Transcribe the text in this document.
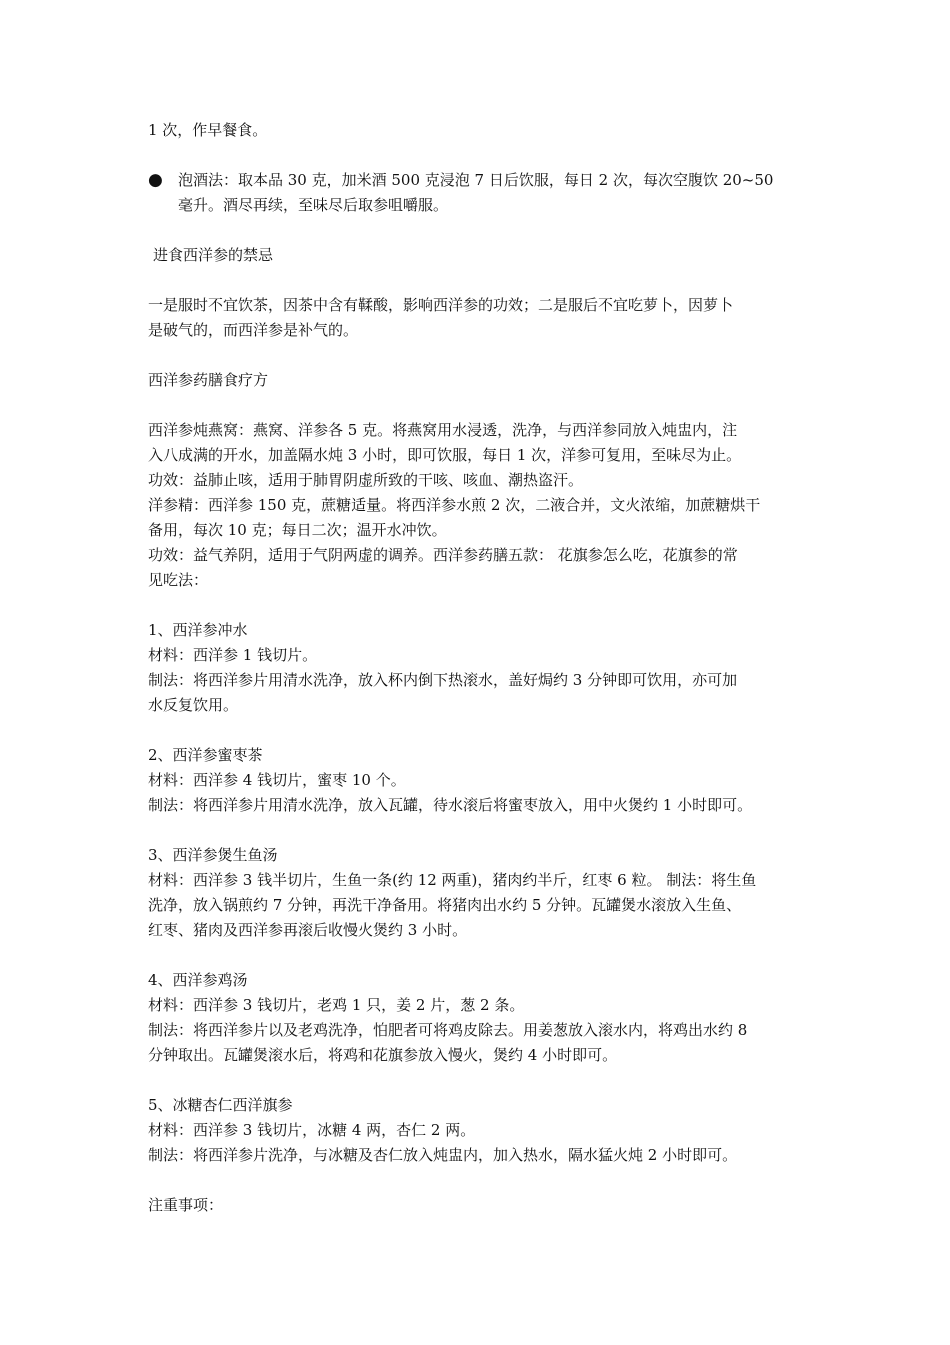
1 次，作早餐食。

● 泡酒法：取本品 30 克，加米酒 500 克浸泡 7 日后饮服，每日 2 次，每次空腹饮 20~50
毫升。酒尽再续，至味尽后取参咀嚼服。

进食西洋参的禁忌

一是服时不宜饮茶，因茶中含有鞣酸，影响西洋参的功效；二是服后不宜吃萝卜，因萝卜
是破气的，而西洋参是补气的。

西洋参药膳食疗方

西洋参炖燕窝：燕窝、洋参各 5 克。将燕窝用水浸透，洗净，与西洋参同放入炖盅内，注
入八成满的开水，加盖隔水炖 3 小时，即可饮服，每日 1 次，洋参可复用，至味尽为止。
功效：益肺止咳，适用于肺胃阴虚所致的干咳、咳血、潮热盗汗。
洋参精：西洋参 150 克，蔗糖适量。将西洋参水煎 2 次，二液合并，文火浓缩，加蔗糖烘干
备用，每次 10 克；每日二次；温开水冲饮。
功效：益气养阴，适用于气阴两虚的调养。西洋参药膳五款： 花旗参怎么吃，花旗参的常
见吃法：

1、西洋参冲水
材料：西洋参 1 钱切片。
制法：将西洋参片用清水洗净，放入杯内倒下热滚水，盖好焗约 3 分钟即可饮用，亦可加
水反复饮用。
2、西洋参蜜枣茶
材料：西洋参 4 钱切片，蜜枣 10 个。
制法：将西洋参片用清水洗净，放入瓦罐，待水滚后将蜜枣放入，用中火煲约 1 小时即可。
3、西洋参煲生鱼汤
材料：西洋参 3 钱半切片，生鱼一条(约 12 两重)，猪肉约半斤，红枣 6 粒。 制法：将生鱼
洗净，放入锅煎约 7 分钟，再洗干净备用。将猪肉出水约 5 分钟。瓦罐煲水滚放入生鱼、
红枣、猪肉及西洋参再滚后收慢火煲约 3 小时。
4、西洋参鸡汤
材料：西洋参 3 钱切片，老鸡 1 只，姜 2 片，葱 2 条。
制法：将西洋参片以及老鸡洗净，怕肥者可将鸡皮除去。用姜葱放入滚水内，将鸡出水约 8
分钟取出。瓦罐煲滚水后，将鸡和花旗参放入慢火，煲约 4 小时即可。
5、冰糖杏仁西洋旗参
材料：西洋参 3 钱切片，冰糖 4 两，杏仁 2 两。
制法：将西洋参片洗净，与冰糖及杏仁放入炖盅内，加入热水，隔水猛火炖 2 小时即可。

注重事项：
